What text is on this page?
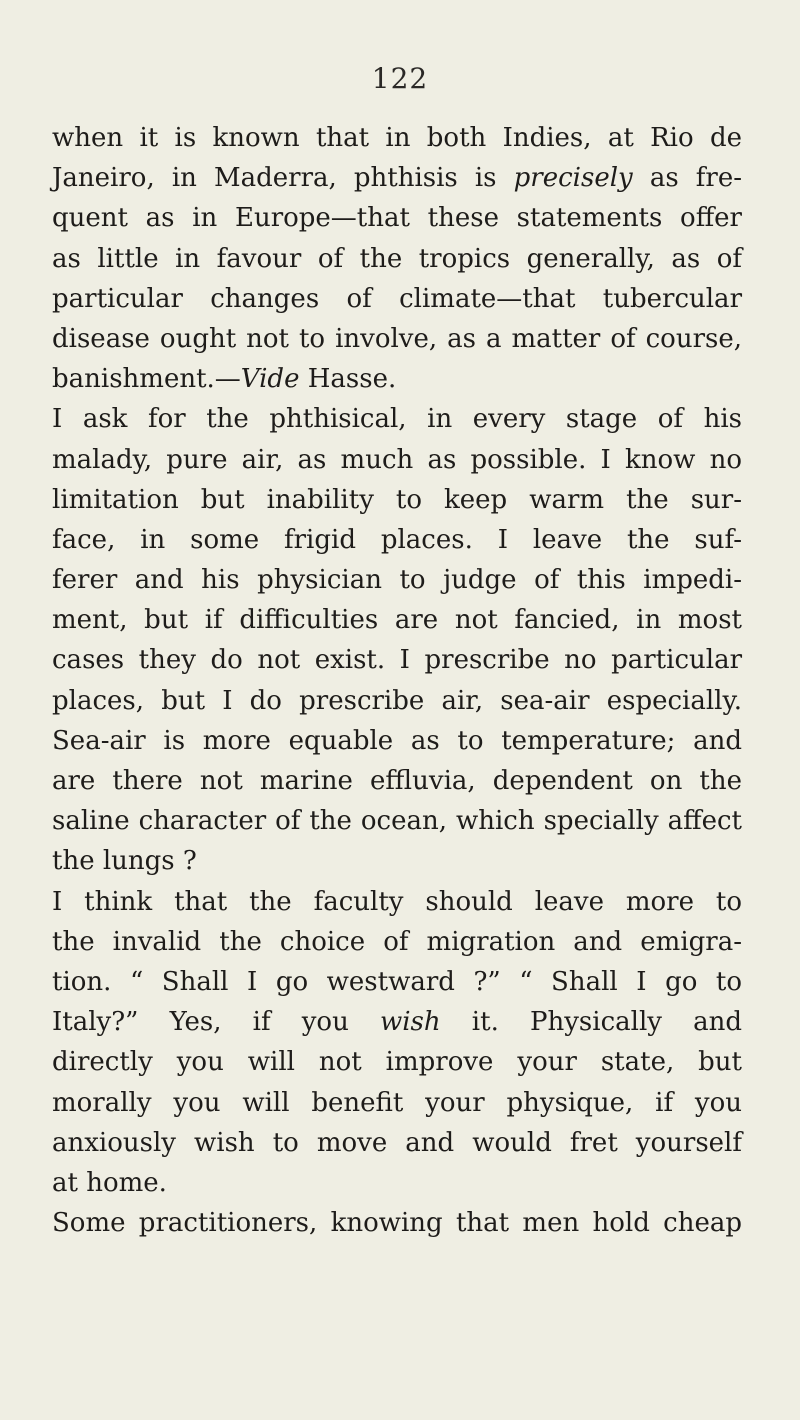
122
when it is known that in both Indies, at Rio de
Janeiro, in Maderra, phthisis is precisely as fre-
quent as in Europe—that these statements offer
as little in favour of the tropics generally, as of
particular changes of climate—that tubercular
disease ought not to involve, as a matter of course,
banishment.—Vide Hasse.
I ask for the phthisical, in every stage of his
malady, pure air, as much as possible. I know no
limitation but inability to keep warm the sur-
face, in some frigid places. I leave the suf-
ferer and his physician to judge of this impedi-
ment, but if difficulties are not fancied, in most
cases they do not exist. I prescribe no particular
places, but I do prescribe air, sea-air especially.
Sea-air is more equable as to temperature; and
are there not marine effluvia, dependent on the
saline character of the ocean, which specially affect
the lungs ?
I think that the faculty should leave more to
the invalid the choice of migration and emigra-
tion. “ Shall I go westward ?” “ Shall I go to
Italy?” Yes, if you wish it. Physically and
directly you will not improve your state, but
morally you will benefit your physique, if you
anxiously wish to move and would fret yourself
at home.
Some practitioners, knowing that men hold cheap
